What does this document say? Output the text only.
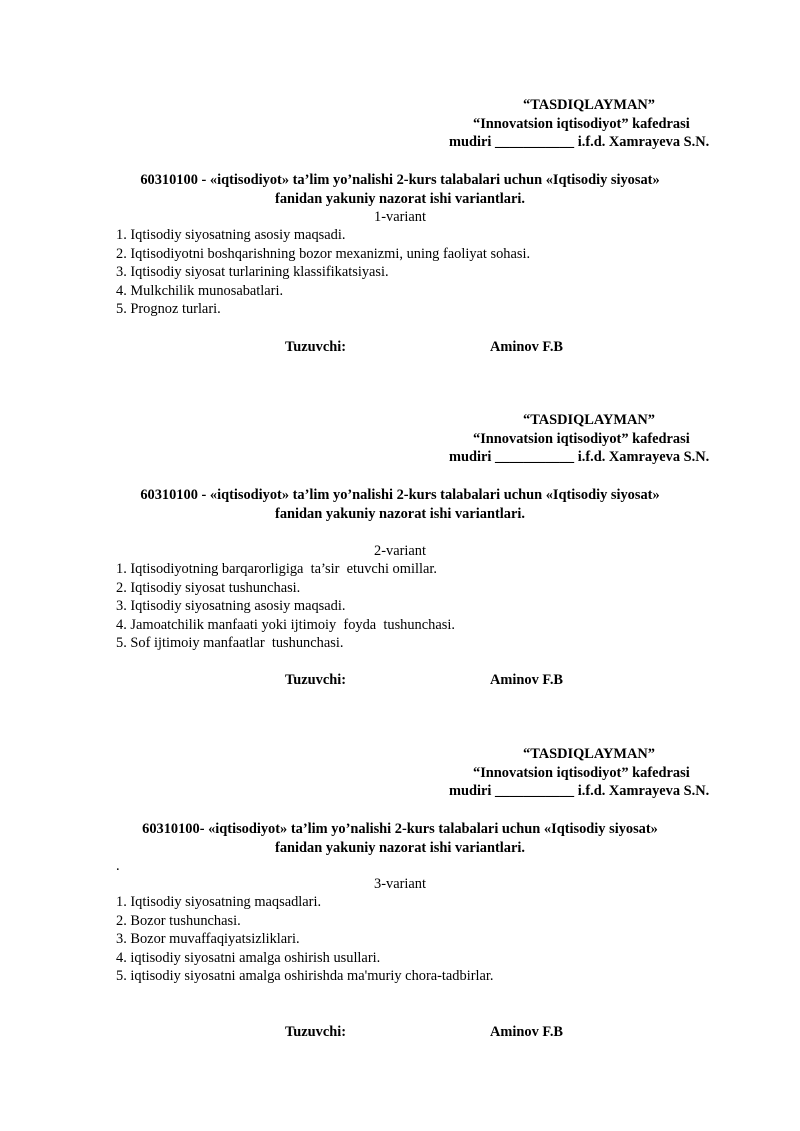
“TASDIQLAYMAN”
“Innovatsion iqtisodiyot” kafedrasi
mudiri ___________ i.f.d. Xamrayeva S.N.
60310100 - «iqtisodiyot» ta’lim yo’nalishi 2-kurs talabalari uchun «Iqtisodiy siyosat»
fanidan yakuniy nazorat ishi variantlari.
1-variant
1. Iqtisodiy siyosatning asosiy maqsadi.
2. Iqtisodiyotni boshqarishning bozor mexanizmi, uning faoliyat sohasi.
3. Iqtisodiy siyosat turlarining klassifikatsiyasi.
4. Mulkchilik munosabatlari.
5. Prognoz turlari.
Tuzuvchi:	Aminov F.B
“TASDIQLAYMAN”
“Innovatsion iqtisodiyot” kafedrasi
mudiri ___________ i.f.d. Xamrayeva S.N.
60310100 - «iqtisodiyot» ta’lim yo’nalishi 2-kurs talabalari uchun «Iqtisodiy siyosat»
fanidan yakuniy nazorat ishi variantlari.
2-variant
1. Iqtisodiyotning barqarorligiga  ta’sir  etuvchi omillar.
2. Iqtisodiy siyosat tushunchasi.
3. Iqtisodiy siyosatning asosiy maqsadi.
4. Jamoatchilik manfaati yoki ijtimoiy  foyda  tushunchasi.
5. Sof ijtimoiy manfaatlar  tushunchasi.
Tuzuvchi:	Aminov F.B
“TASDIQLAYMAN”
“Innovatsion iqtisodiyot” kafedrasi
mudiri ___________ i.f.d. Xamrayeva S.N.
60310100- «iqtisodiyot» ta’lim yo’nalishi 2-kurs talabalari uchun «Iqtisodiy siyosat»
fanidan yakuniy nazorat ishi variantlari.
.
3-variant
1. Iqtisodiy siyosatning maqsadlari.
2. Bozor tushunchasi.
3. Bozor muvaffaqiyatsizliklari.
4. iqtisodiy siyosatni amalga oshirish usullari.
5. iqtisodiy siyosatni amalga oshirishda ma'muriy chora-tadbirlar.
Tuzuvchi:	Aminov F.B
